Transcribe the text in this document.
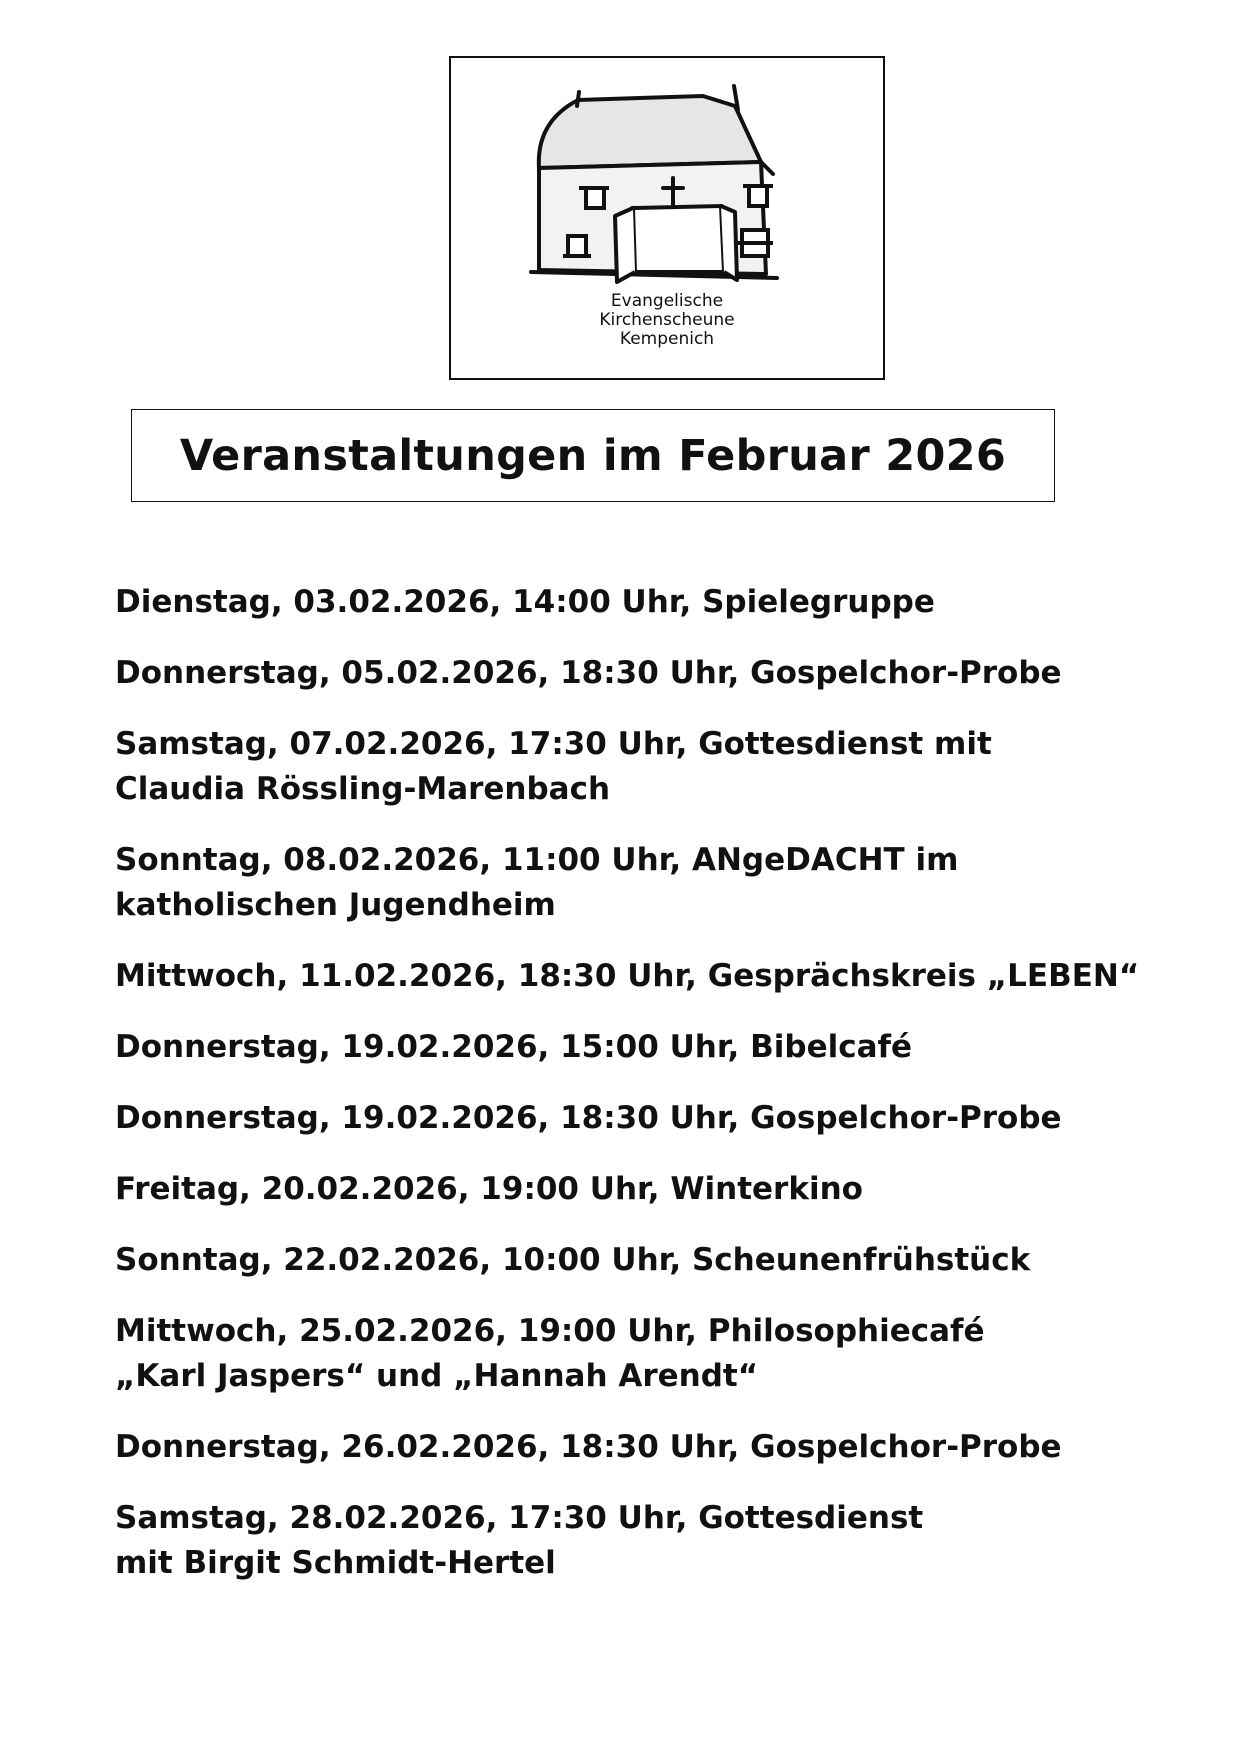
Evangelische
Kirchenscheune
Kempenich
Veranstaltungen im Februar 2026
Dienstag, 03.02.2026, 14:00 Uhr, Spielegruppe
Donnerstag, 05.02.2026, 18:30 Uhr, Gospelchor-Probe
Samstag, 07.02.2026, 17:30 Uhr, Gottesdienst mit
Claudia Rössling-Marenbach
Sonntag, 08.02.2026, 11:00 Uhr, ANgeDACHT im
katholischen Jugendheim
Mittwoch, 11.02.2026, 18:30 Uhr, Gesprächskreis „LEBEN“
Donnerstag, 19.02.2026, 15:00 Uhr, Bibelcafé
Donnerstag, 19.02.2026, 18:30 Uhr, Gospelchor-Probe
Freitag, 20.02.2026, 19:00 Uhr, Winterkino
Sonntag, 22.02.2026, 10:00 Uhr, Scheunenfrühstück
Mittwoch, 25.02.2026, 19:00 Uhr, Philosophiecafé
„Karl Jaspers“ und „Hannah Arendt“
Donnerstag, 26.02.2026, 18:30 Uhr, Gospelchor-Probe
Samstag, 28.02.2026, 17:30 Uhr, Gottesdienst
mit Birgit Schmidt-Hertel
